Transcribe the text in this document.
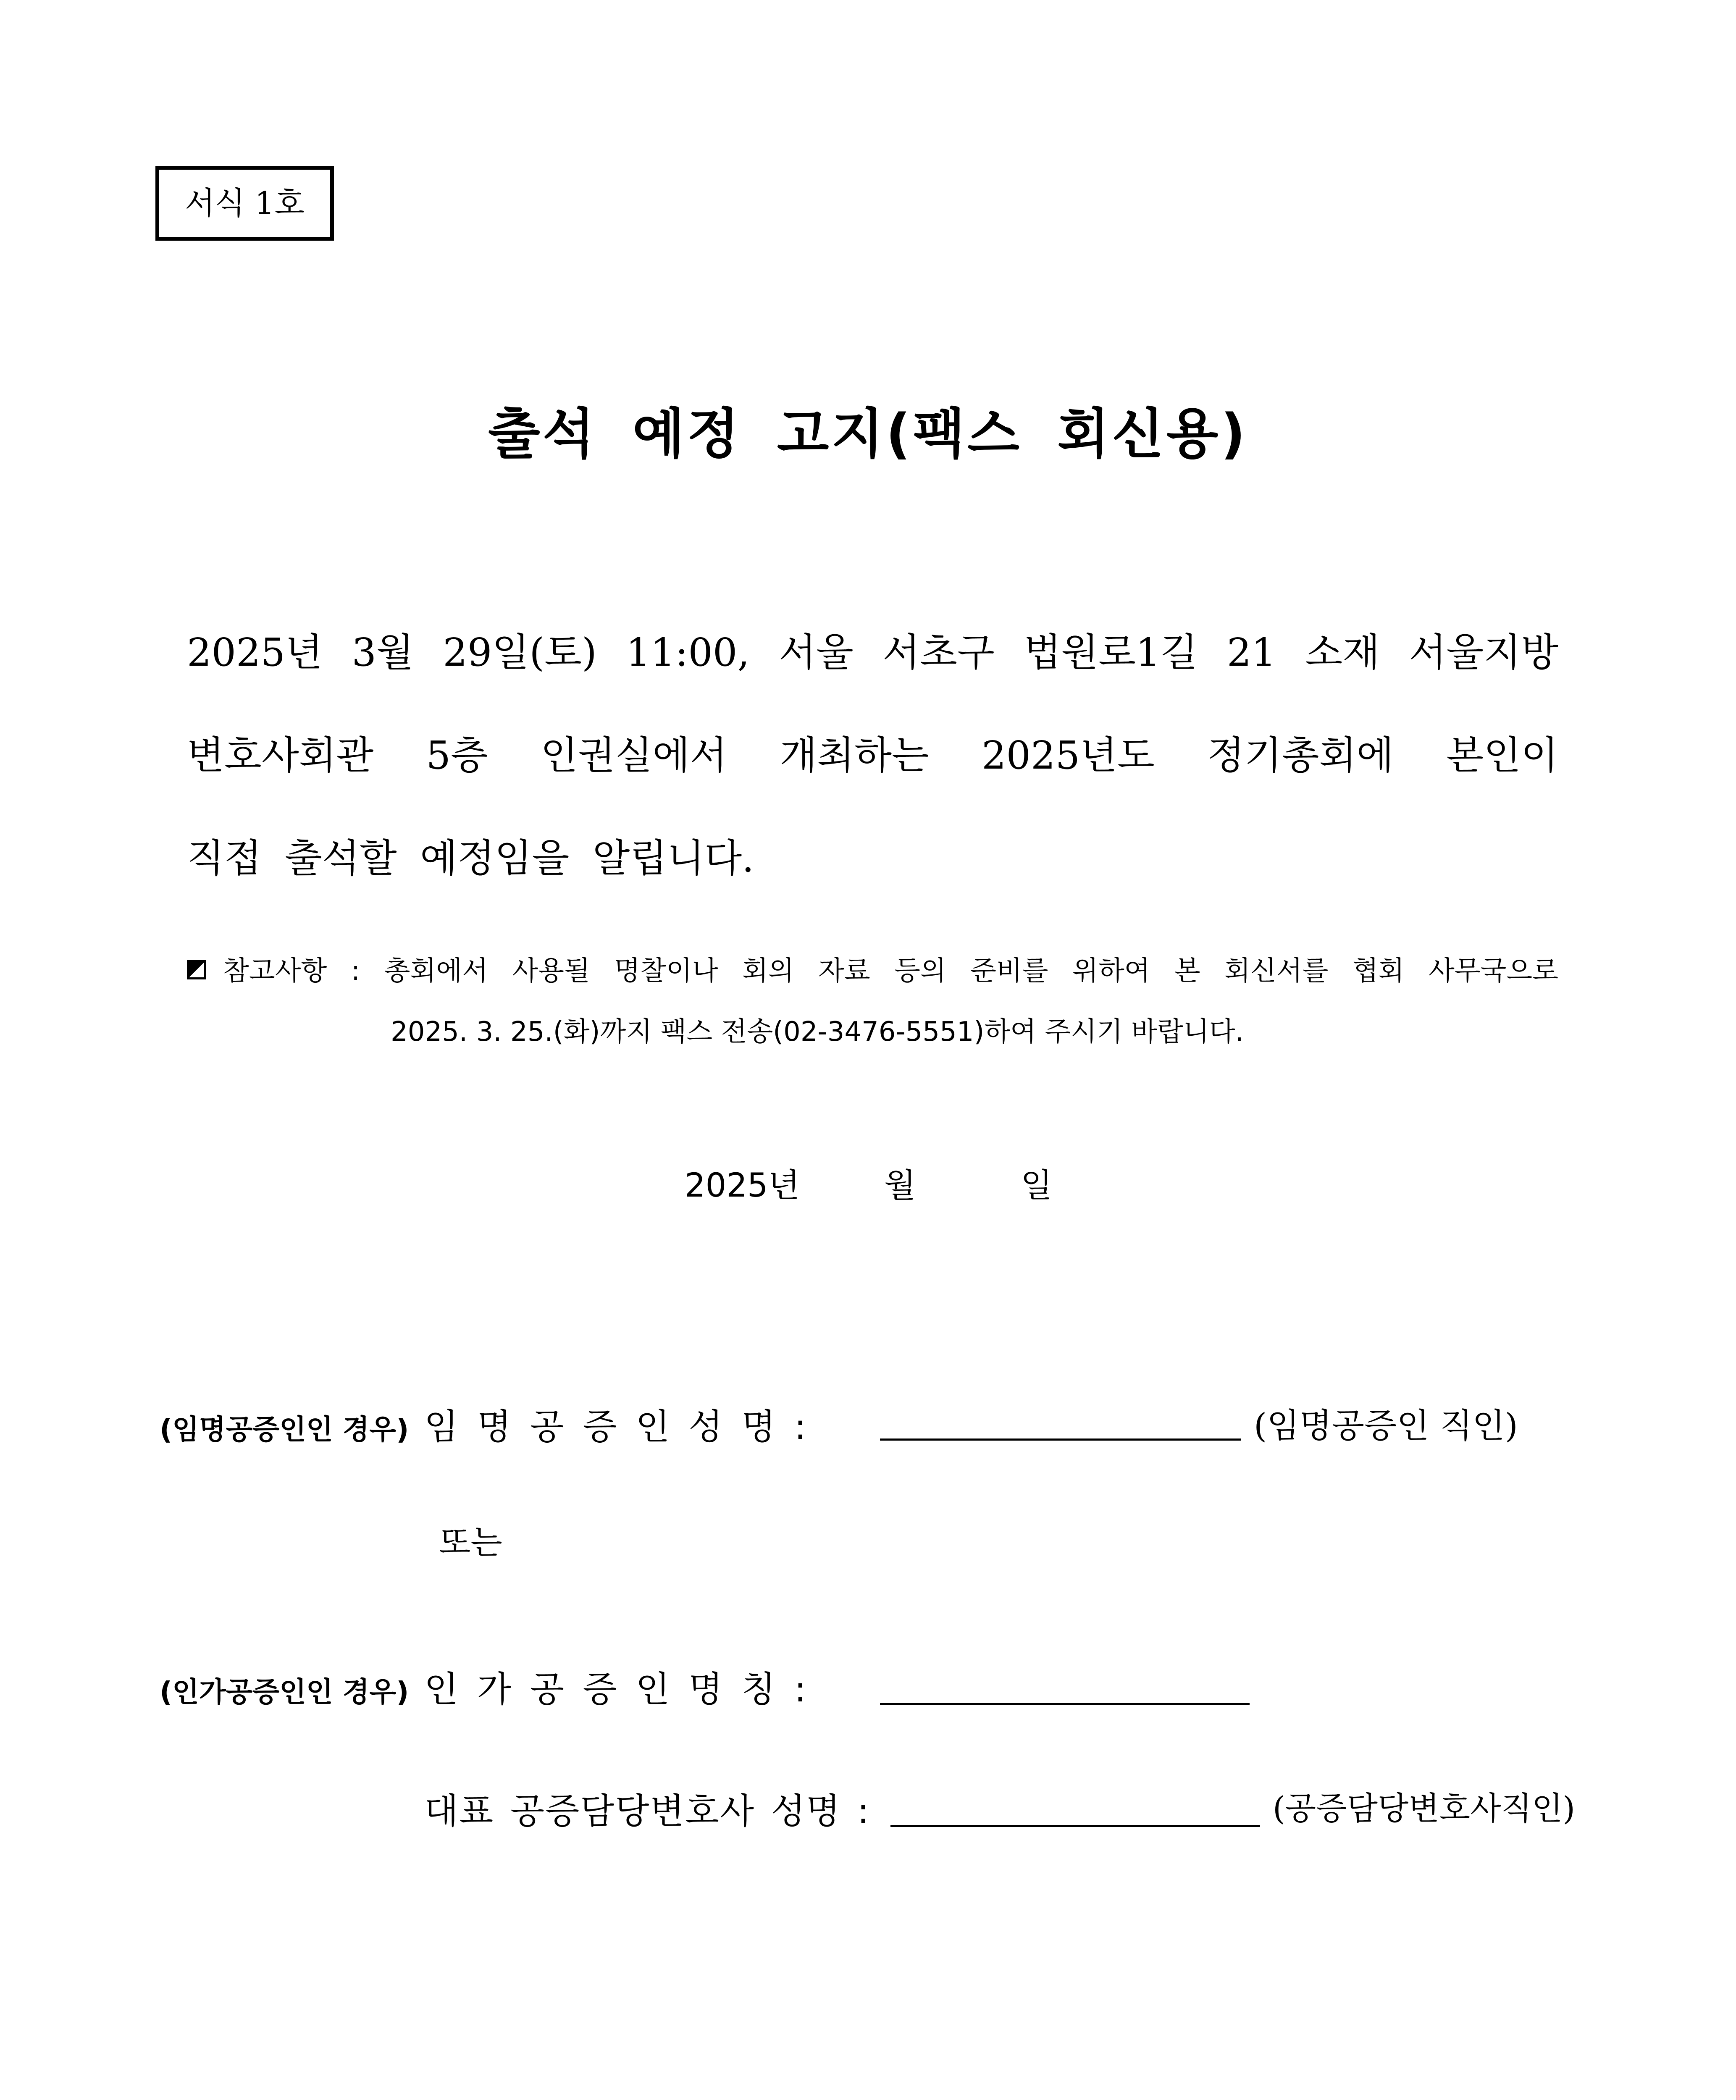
서식 1호
출석 예정 고지(팩스 회신용)
2025년 3월 29일(토) 11:00, 서울 서초구 법원로1길 21 소재 서울지방
변호사회관 5층 인권실에서 개최하는 2025년도 정기총회에 본인이
직접 출석할 예정임을 알립니다.
참고사항 : 총회에서 사용될 명찰이나 회의 자료 등의 준비를 위하여 본 회신서를 협회 사무국으로
2025. 3. 25.(화)까지 팩스 전송(02-3476-5551)하여 주시기 바랍니다.
2025년	월	일
(임명공증인인 경우) 임 명 공 증 인 성 명 :	(임명공증인 직인)
또는
(인가공증인인 경우) 인 가 공 증 인 명 칭 :
대표 공증담당변호사 성명 :	(공증담당변호사직인)
